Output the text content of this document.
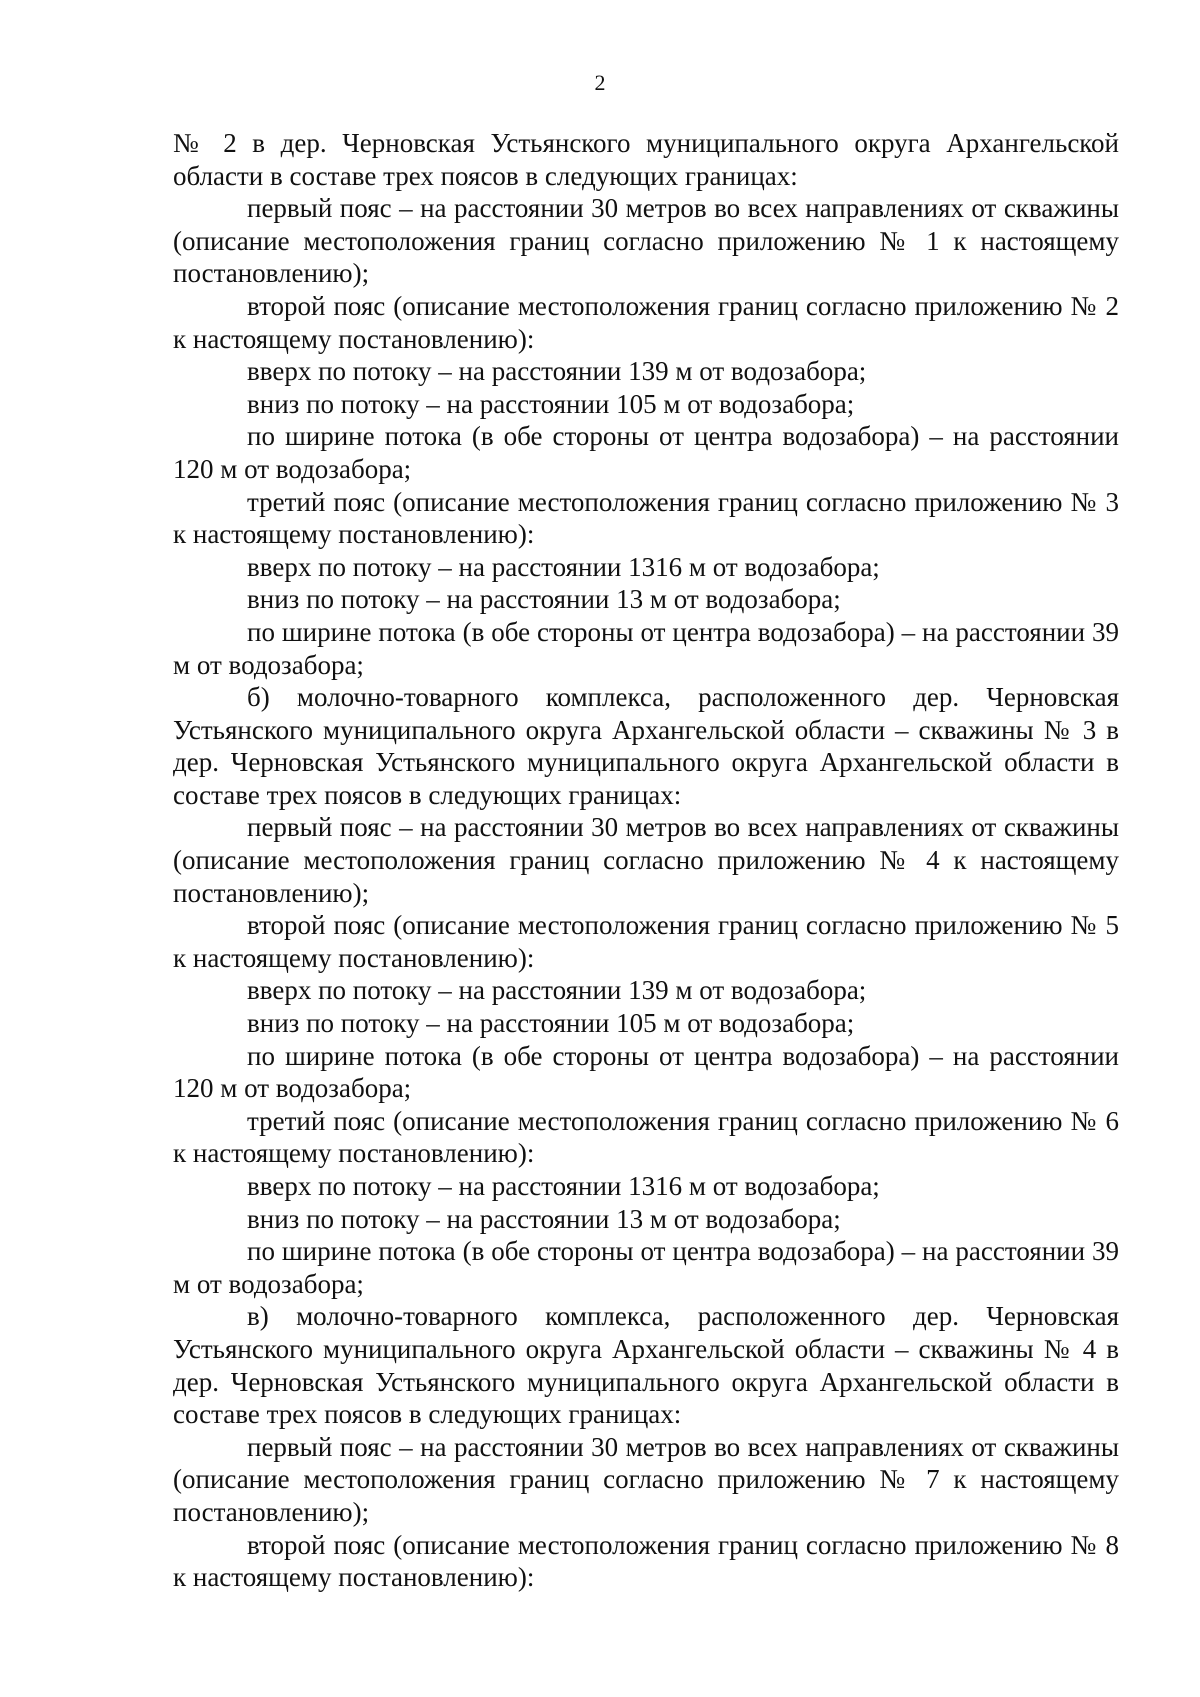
2

№ 2 в дер. Черновская Устьянского муниципального округа Архангельской области в составе трех поясов в следующих границах:

первый пояс – на расстоянии 30 метров во всех направлениях от скважины (описание местоположения границ согласно приложению № 1 к настоящему постановлению);

второй пояс (описание местоположения границ согласно приложению № 2 к настоящему постановлению):

вверх по потоку – на расстоянии 139 м от водозабора;

вниз по потоку – на расстоянии 105 м от водозабора;

по ширине потока (в обе стороны от центра водозабора) – на расстоянии 120 м от водозабора;

третий пояс (описание местоположения границ согласно приложению № 3 к настоящему постановлению):

вверх по потоку – на расстоянии 1316 м от водозабора;

вниз по потоку – на расстоянии 13 м от водозабора;

по ширине потока (в обе стороны от центра водозабора) – на расстоянии 39 м от водозабора;

б) молочно-товарного комплекса, расположенного дер. Черновская Устьянского муниципального округа Архангельской области – скважины № 3 в дер. Черновская Устьянского муниципального округа Архангельской области в составе трех поясов в следующих границах:

первый пояс – на расстоянии 30 метров во всех направлениях от скважины (описание местоположения границ согласно приложению № 4 к настоящему постановлению);

второй пояс (описание местоположения границ согласно приложению № 5 к настоящему постановлению):

вверх по потоку – на расстоянии 139 м от водозабора;

вниз по потоку – на расстоянии 105 м от водозабора;

по ширине потока (в обе стороны от центра водозабора) – на расстоянии 120 м от водозабора;

третий пояс (описание местоположения границ согласно приложению № 6 к настоящему постановлению):

вверх по потоку – на расстоянии 1316 м от водозабора;

вниз по потоку – на расстоянии 13 м от водозабора;

по ширине потока (в обе стороны от центра водозабора) – на расстоянии 39 м от водозабора;

в) молочно-товарного комплекса, расположенного дер. Черновская Устьянского муниципального округа Архангельской области – скважины № 4 в дер. Черновская Устьянского муниципального округа Архангельской области в составе трех поясов в следующих границах:

первый пояс – на расстоянии 30 метров во всех направлениях от скважины (описание местоположения границ согласно приложению № 7 к настоящему постановлению);

второй пояс (описание местоположения границ согласно приложению № 8 к настоящему постановлению):
